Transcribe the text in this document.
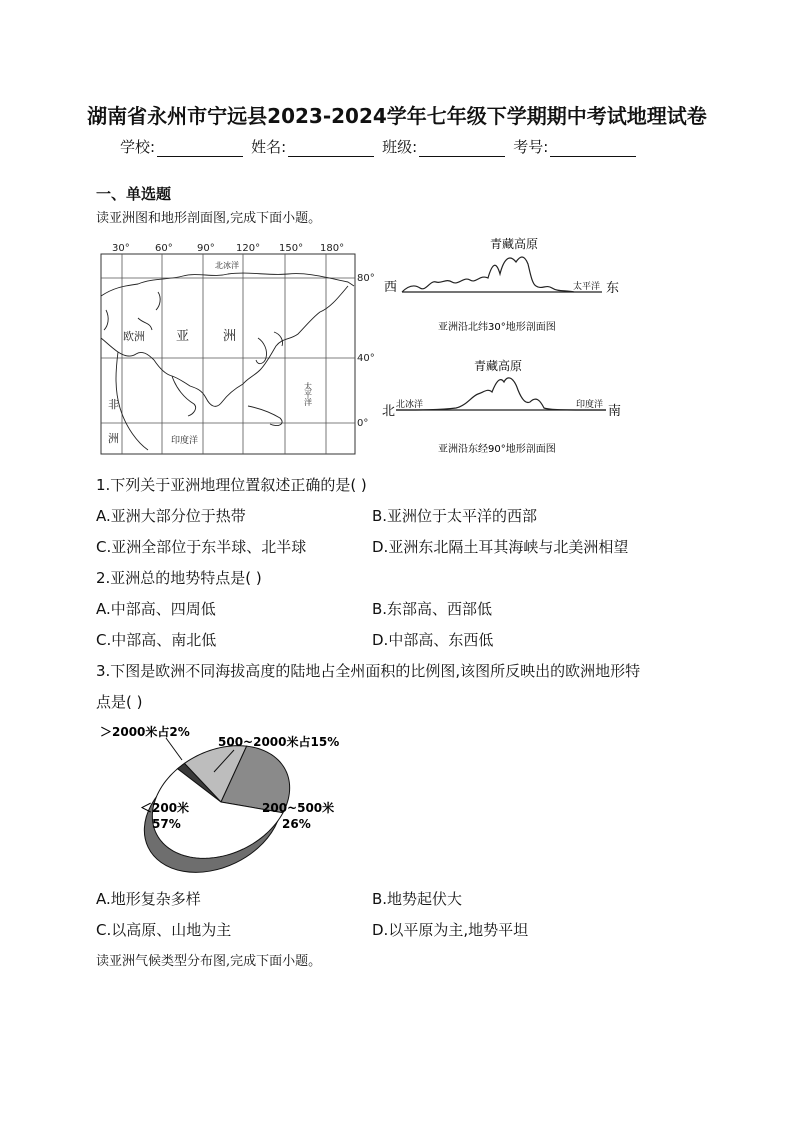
湖南省永州市宁远县2023-2024学年七年级下学期期中考试地理试卷
学校:	姓名:	班级:	考号:
一、单选题
读亚洲图和地形剖面图,完成下面小题。
30°	60° 90° 120° 150° 180°
80°
40°
0°
北冰洋
欧洲 亚	洲
非
洲	印度洋
太平洋
青藏高原
西	东
太平洋
亚洲沿北纬30°地形剖面图
青藏高原
北	南
北冰洋	印度洋
亚洲沿东经90°地形剖面图
1.下列关于亚洲地理位置叙述正确的是( )
A.亚洲大部分位于热带	B.亚洲位于太平洋的西部
C.亚洲全部位于东半球、北半球	D.亚洲东北隔土耳其海峡与北美洲相望
2.亚洲总的地势特点是( )
A.中部高、四周低	B.东部高、西部低
C.中部高、南北低	D.中部高、东西低
3.下图是欧洲不同海拔高度的陆地占全州面积的比例图,该图所反映出的欧洲地形特
点是( )
＞2000米占2%
500~2000米占15%
200~500米
26%
＜200米
57%
A.地形复杂多样	B.地势起伏大
C.以高原、山地为主	D.以平原为主,地势平坦
读亚洲气候类型分布图,完成下面小题。
